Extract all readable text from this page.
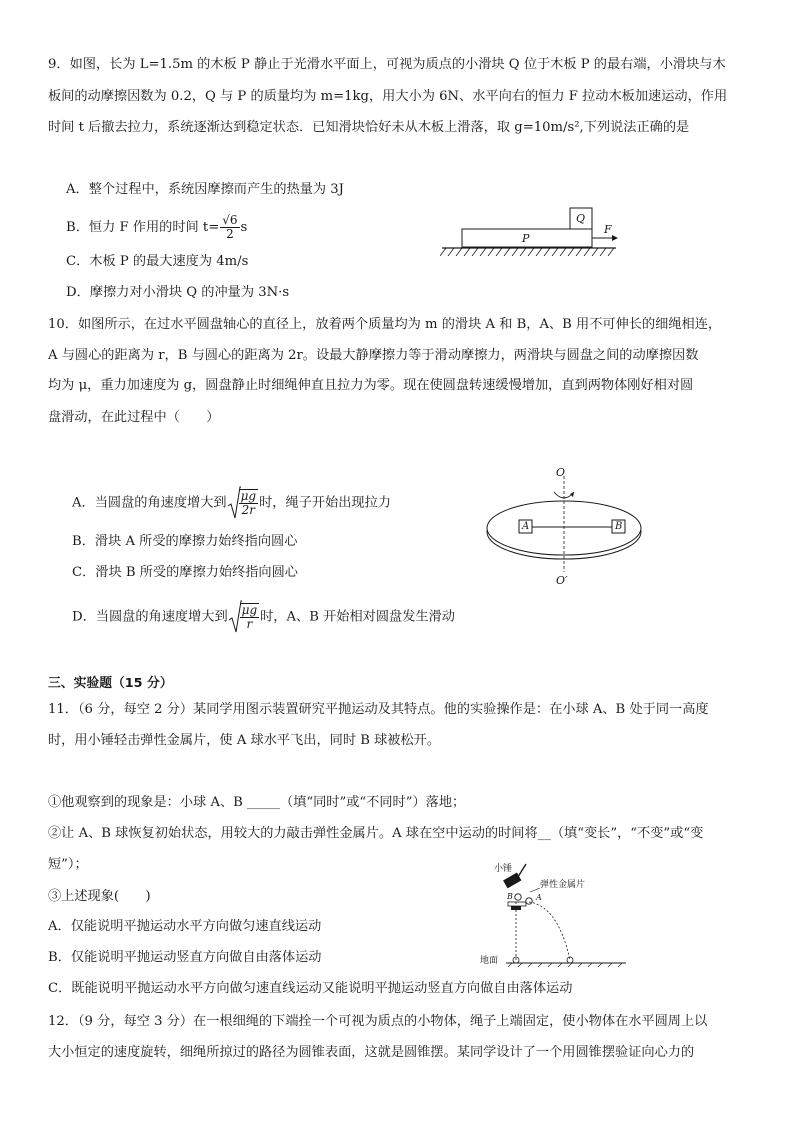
9．如图，长为 L=1.5m 的木板 P 静止于光滑水平面上，可视为质点的小滑块 Q 位于木板 P 的最右端，小滑块与木
板间的动摩擦因数为 0.2，Q 与 P 的质量均为 m=1kg，用大小为 6N、水平向右的恒力 F 拉动木板加速运动，作用
时间 t 后撤去拉力，系统逐渐达到稳定状态．已知滑块恰好未从木板上滑落，取 g=10m/s²,下列说法正确的是
A．整个过程中，系统因摩擦而产生的热量为 3J
B．恒力 F 作用的时间 $t= \frac{√6}{2}$ s
C．木板 P 的最大速度为 4m/s
D．摩擦力对小滑块 Q 的冲量为 3N·s
Q
P
F
10．如图所示，在过水平圆盘轴心的直径上，放着两个质量均为 m 的滑块 A 和 B，A、B 用不可伸长的细绳相连，
A 与圆心的距离为 r，B 与圆心的距离为 2r。设最大静摩擦力等于滑动摩擦力，两滑块与圆盘之间的动摩擦因数
均为 μ，重力加速度为 g，圆盘静止时细绳伸直且拉力为零。现在使圆盘转速缓慢增加，直到两物体刚好相对圆
盘滑动，在此过程中（　　）
A．当圆盘的角速度增大到 $\frac{\mu g}{2r}$ 时，绳子开始出现拉力
B．滑块 A 所受的摩擦力始终指向圆心
C．滑块 B 所受的摩擦力始终指向圆心
D．当圆盘的角速度增大到 $\frac{\mu g}{r}$ 时，A、B 开始相对圆盘发生滑动
O
O′
A	B
三、实验题（15 分）
11．（6 分，每空 2 分）某同学用图示装置研究平抛运动及其特点。他的实验操作是：在小球 A、B 处于同一高度
时，用小锤轻击弹性金属片，使 A 球水平飞出，同时 B 球被松开。
①他观察到的现象是：小球 A、B _____（填“同时”或“不同时”）落地；
②让 A、B 球恢复初始状态，用较大的力敲击弹性金属片。A 球在空中运动的时间将__（填“变长”，“不变”或“变
短”）；
③上述现象(　　)
A．仅能说明平抛运动水平方向做匀速直线运动
B．仅能说明平抛运动竖直方向做自由落体运动
C．既能说明平抛运动水平方向做匀速直线运动又能说明平抛运动竖直方向做自由落体运动
小锤
弹性金属片
地面
A
B
12．（9 分，每空 3 分）在一根细绳的下端拴一个可视为质点的小物体，绳子上端固定，使小物体在水平圆周上以
大小恒定的速度旋转，细绳所掠过的路径为圆锥表面，这就是圆锥摆。某同学设计了一个用圆锥摆验证向心力的
